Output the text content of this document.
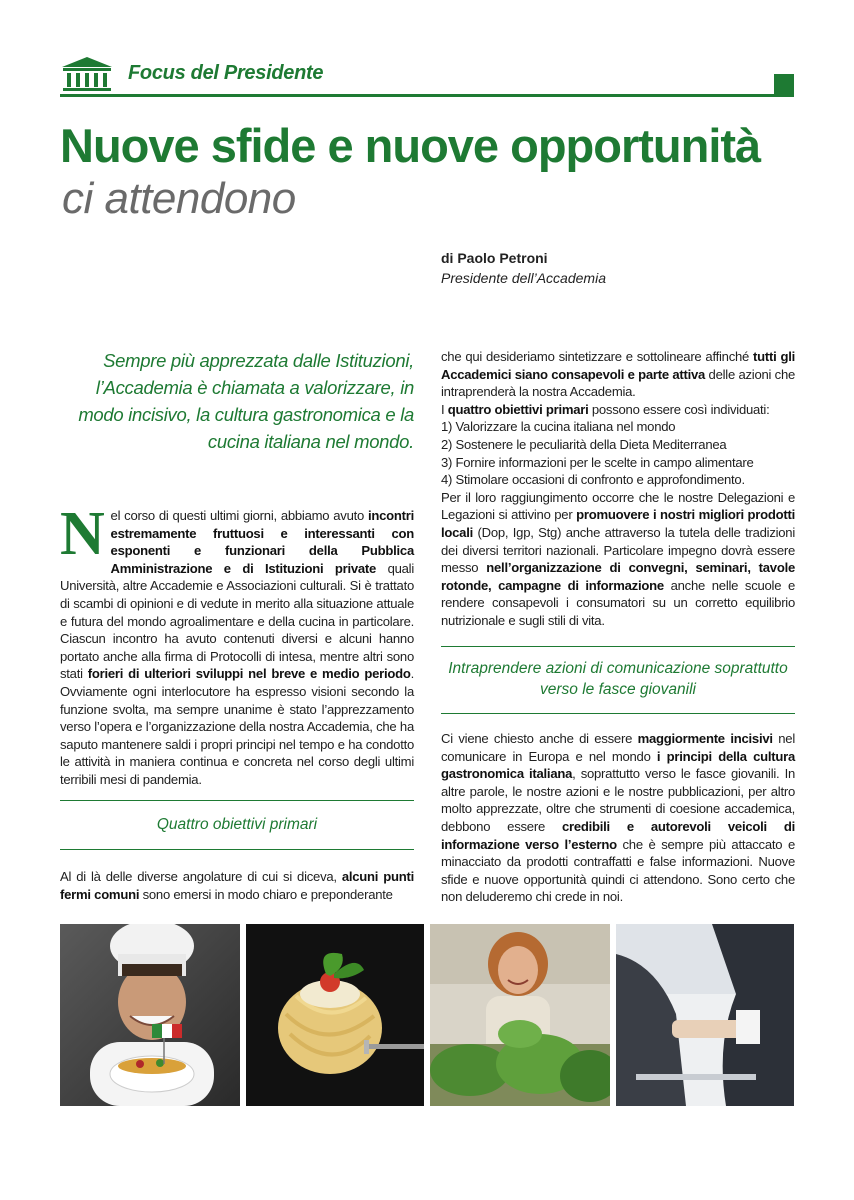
Focus del Presidente
Nuove sfide e nuove opportunità
ci attendono
di Paolo Petroni
Presidente dell’Accademia
Sempre più apprezzata dalle Istituzioni, l’Accademia è chiamata a valorizzare, in modo incisivo, la cultura gastronomica e la cucina italiana nel mondo.
N el corso di questi ultimi giorni, abbiamo avuto incontri estremamente fruttuosi e interessanti con esponenti e funzionari della Pubblica Amministrazione e di Istituzioni private quali Università, altre Accademie e Associazioni culturali. Si è trattato di scambi di opinioni e di vedute in merito alla situazione attuale e futura del mondo agroalimentare e della cucina in particolare. Ciascun incontro ha avuto contenuti diversi e alcuni hanno portato anche alla firma di Protocolli di intesa, mentre altri sono stati forieri di ulteriori sviluppi nel breve e medio periodo. Ovviamente ogni interlocutore ha espresso visioni secondo la funzione svolta, ma sempre unanime è stato l’apprezzamento verso l’opera e l’organizzazione della nostra Accademia, che ha saputo mantenere saldi i propri principi nel tempo e ha condotto le attività in maniera continua e concreta nel corso degli ultimi terribili mesi di pandemia.
Quattro obiettivi primari
Al di là delle diverse angolature di cui si diceva, alcuni punti fermi comuni sono emersi in modo chiaro e preponderante

che qui desideriamo sintetizzare e sottolineare affinché tutti gli Accademici siano consapevoli e parte attiva delle azioni che intraprenderà la nostra Accademia.

I quattro obiettivi primari possono essere così individuati:

1) Valorizzare la cucina italiana nel mondo

2) Sostenere le peculiarità della Dieta Mediterranea

3) Fornire informazioni per le scelte in campo alimentare

4) Stimolare occasioni di confronto e approfondimento.

Per il loro raggiungimento occorre che le nostre Delegazioni e Legazioni si attivino per promuovere i nostri migliori prodotti locali (Dop, Igp, Stg) anche attraverso la tutela delle tradizioni dei diversi territori nazionali. Particolare impegno dovrà essere messo nell’organizzazione di convegni, seminari, tavole rotonde, campagne di informazione anche nelle scuole e rendere consapevoli i consumatori su un corretto equilibrio nutrizionale e sugli stili di vita.

Intraprendere azioni di comunicazione soprattutto verso le fasce giovanili
Ci viene chiesto anche di essere maggiormente incisivi nel comunicare in Europa e nel mondo i principi della cultura gastronomica italiana, soprattutto verso le fasce giovanili. In altre parole, le nostre azioni e le nostre pubblicazioni, per altro molto apprezzate, oltre che strumenti di coesione accademica, debbono essere credibili e autorevoli veicoli di informazione verso l’esterno che è sempre più attaccato e minacciato da prodotti contraffatti e false informazioni. Nuove sfide e nuove opportunità quindi ci attendono. Sono certo che non deluderemo chi crede in noi.
